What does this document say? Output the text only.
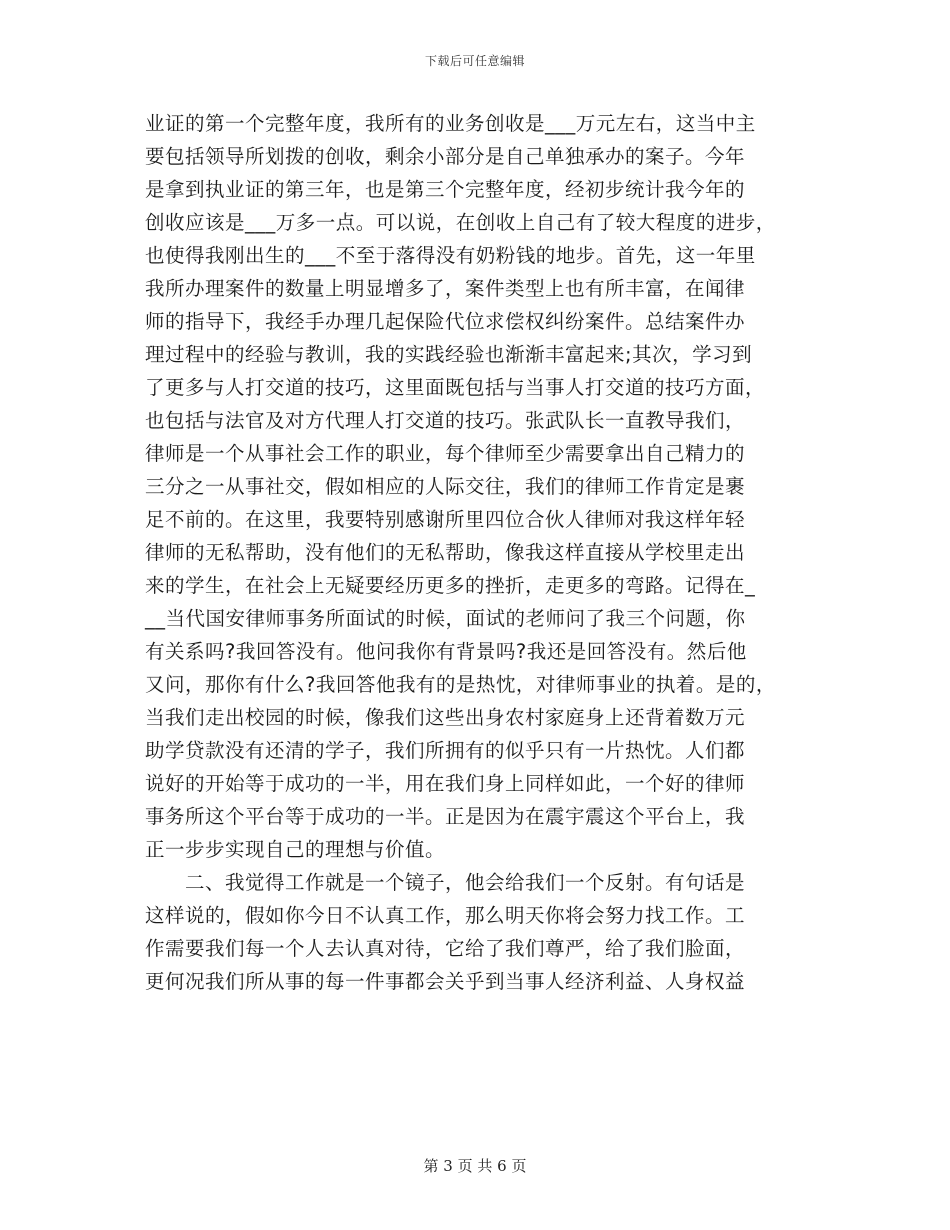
下载后可任意编辑
业证的第一个完整年度，我所有的业务创收是___万元左右，这当中主
要包括领导所划拨的创收，剩余小部分是自己单独承办的案子。今年
是拿到执业证的第三年，也是第三个完整年度，经初步统计我今年的
创收应该是___万多一点。可以说，在创收上自己有了较大程度的进步，
也使得我刚出生的___不至于落得没有奶粉钱的地步。首先，这一年里
我所办理案件的数量上明显增多了，案件类型上也有所丰富，在闻律
师的指导下，我经手办理几起保险代位求偿权纠纷案件。总结案件办
理过程中的经验与教训，我的实践经验也渐渐丰富起来;其次，学习到
了更多与人打交道的技巧，这里面既包括与当事人打交道的技巧方面，
也包括与法官及对方代理人打交道的技巧。张武队长一直教导我们，
律师是一个从事社会工作的职业，每个律师至少需要拿出自己精力的
三分之一从事社交，假如相应的人际交往，我们的律师工作肯定是裹
足不前的。在这里，我要特别感谢所里四位合伙人律师对我这样年轻
律师的无私帮助，没有他们的无私帮助，像我这样直接从学校里走出
来的学生，在社会上无疑要经历更多的挫折，走更多的弯路。记得在_
__当代国安律师事务所面试的时候，面试的老师问了我三个问题，你
有关系吗?我回答没有。他问我你有背景吗?我还是回答没有。然后他
又问，那你有什么?我回答他我有的是热忱，对律师事业的执着。是的，
当我们走出校园的时候，像我们这些出身农村家庭身上还背着数万元
助学贷款没有还清的学子，我们所拥有的似乎只有一片热忱。人们都
说好的开始等于成功的一半，用在我们身上同样如此，一个好的律师
事务所这个平台等于成功的一半。正是因为在震宇震这个平台上，我
正一步步实现自己的理想与价值。
　　二、我觉得工作就是一个镜子，他会给我们一个反射。有句话是
这样说的，假如你今日不认真工作，那么明天你将会努力找工作。工
作需要我们每一个人去认真对待，它给了我们尊严，给了我们脸面，
更何况我们所从事的每一件事都会关乎到当事人经济利益、人身权益
第 3 页 共 6 页
